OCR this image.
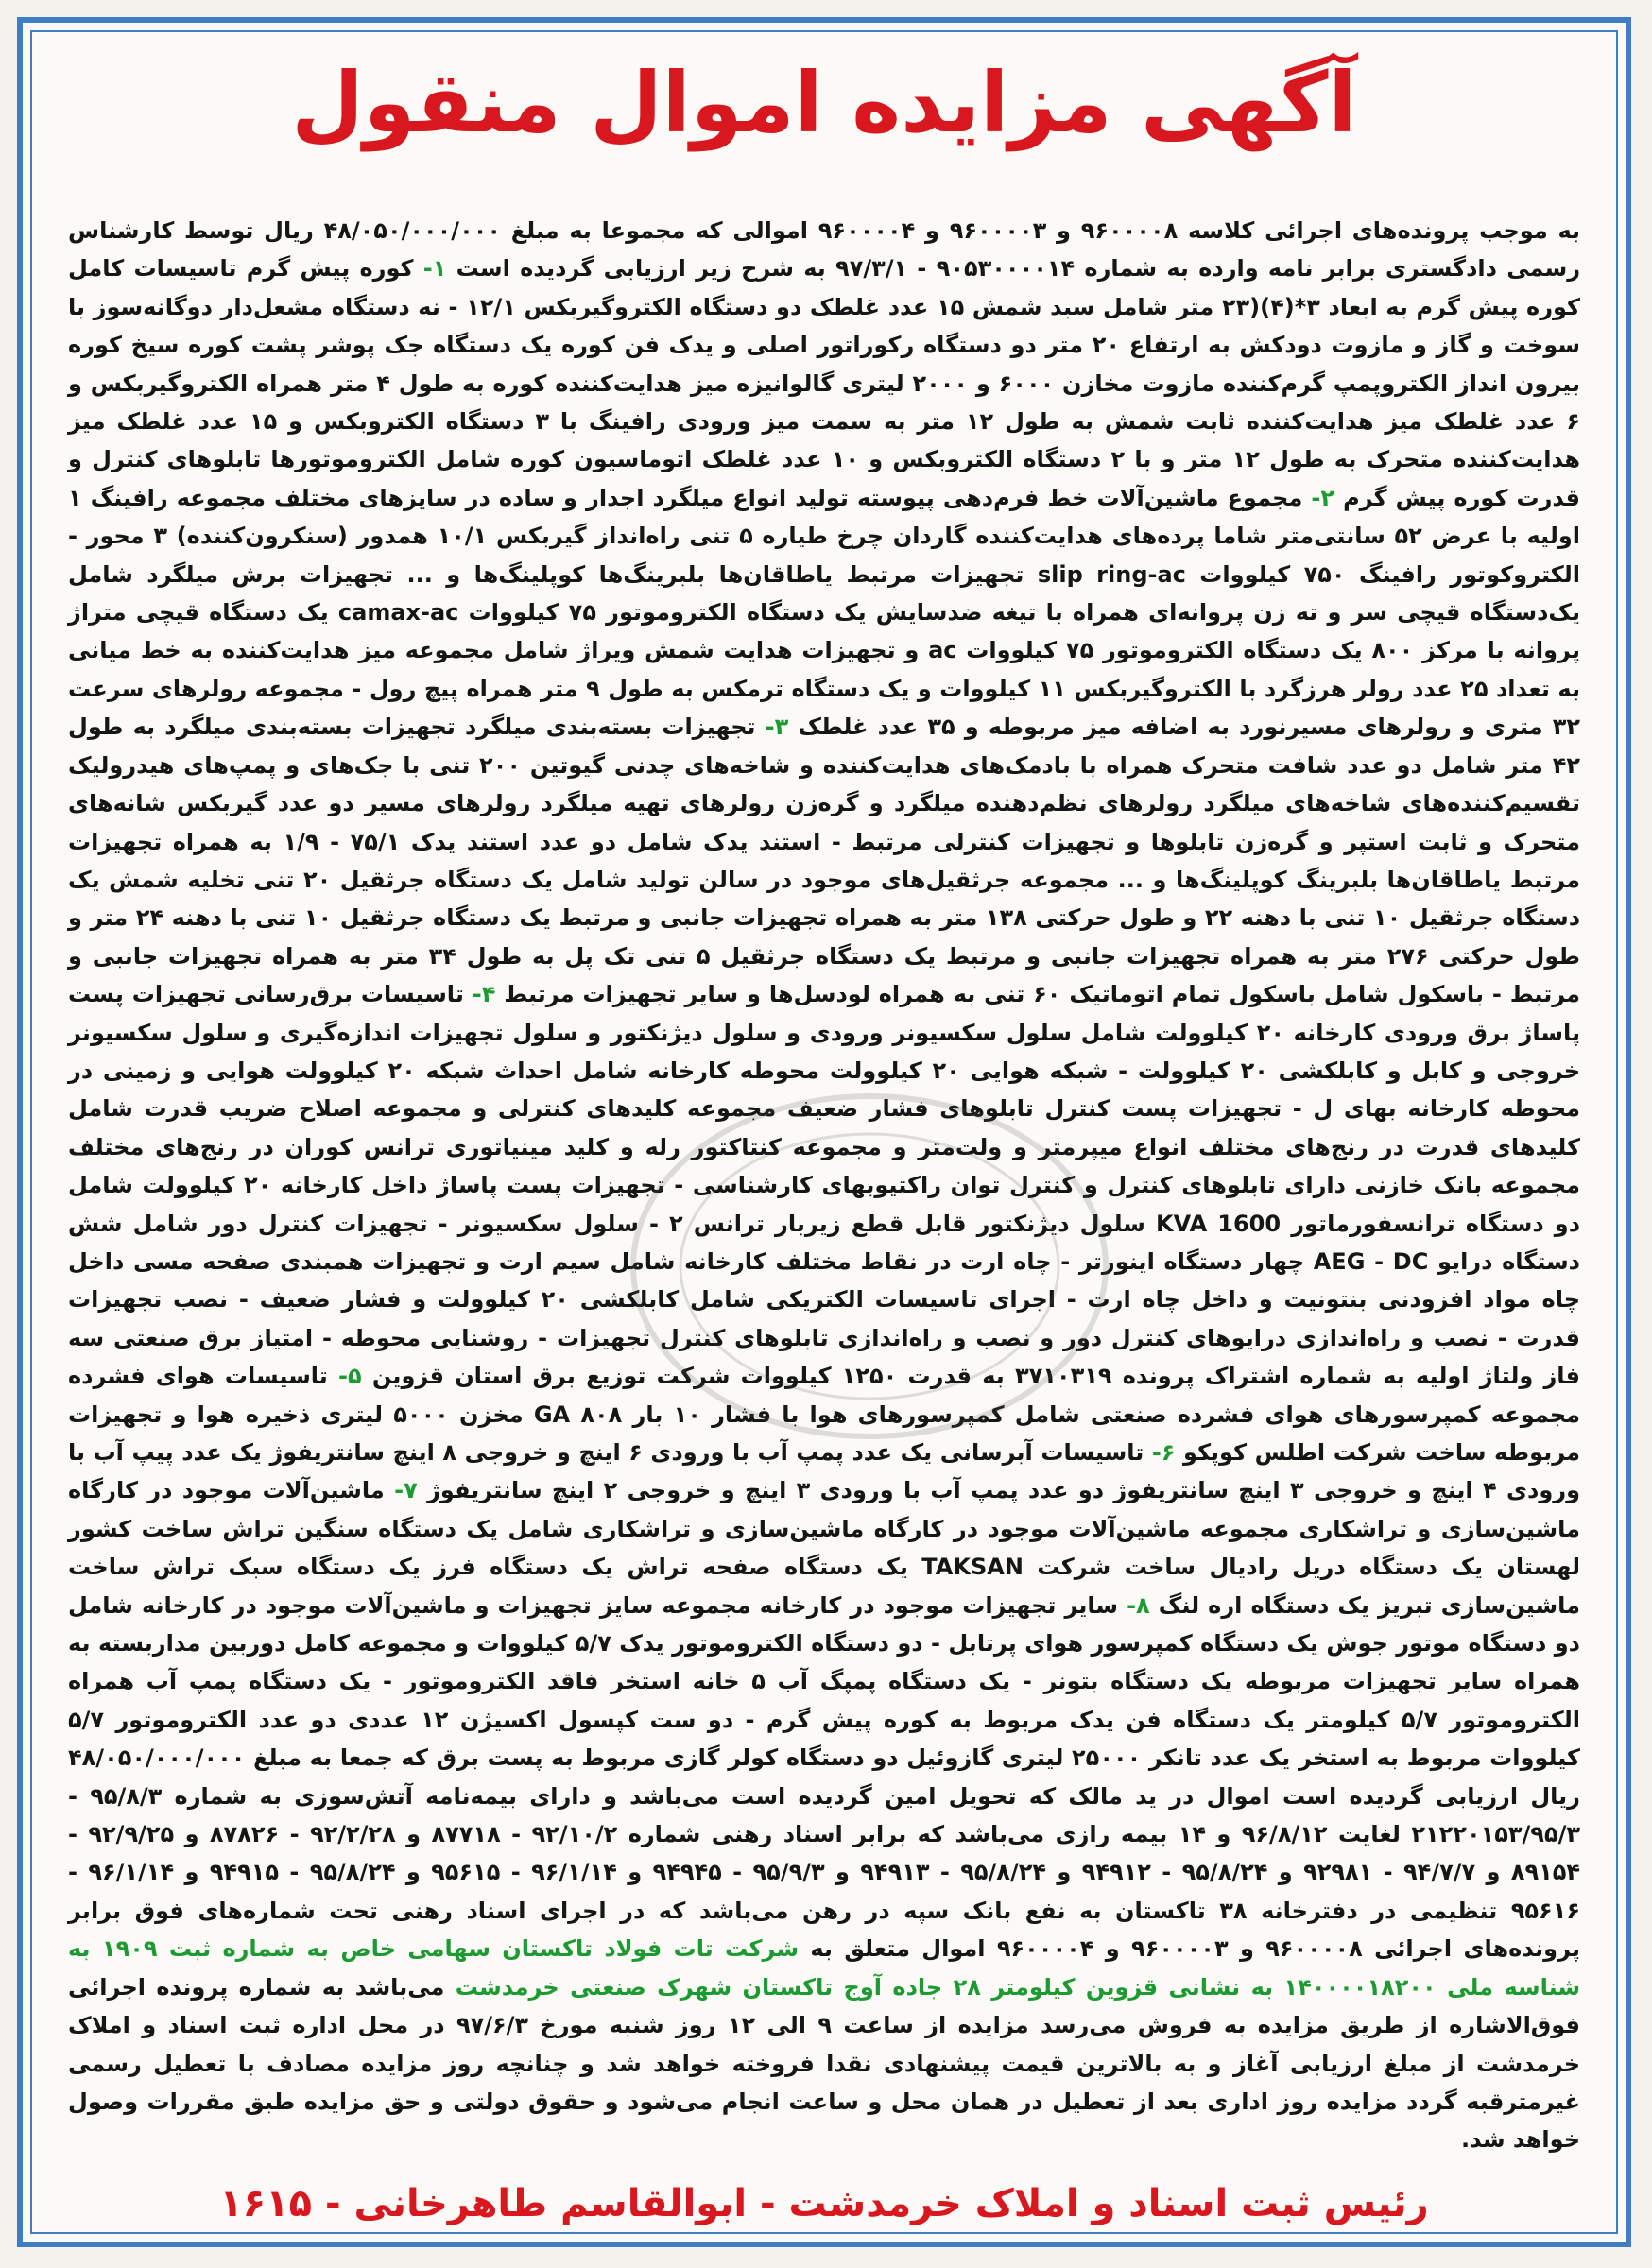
آگهی مزایده اموال منقول

به موجب پرونده‌های اجرائی کلاسه ۹۶۰۰۰۰۸ و ۹۶۰۰۰۰۳ و ۹۶۰۰۰۰۴ اموالی که مجموعا به مبلغ ۴۸/۰۵۰/۰۰۰/۰۰۰ ریال توسط کارشناس رسمی دادگستری برابر نامه وارده به شماره ۹۰۵۳۰۰۰۰۱۴ - ۹۷/۳/۱ به شرح زیر ارزیابی گردیده است ۱- کوره پیش گرم تاسیسات کامل کوره پیش گرم به ابعاد ۳*(۴)(۲۳ متر شامل سبد شمش ۱۵ عدد غلطک دو دستگاه الکتروگیربکس ۱۲/۱ - نه دستگاه مشعل‌دار دوگانه‌سوز با سوخت و گاز و مازوت دودکش به ارتفاع ۲۰ متر دو دستگاه رکوراتور اصلی و یدک فن کوره یک دستگاه جک پوشر پشت کوره سیخ کوره بیرون انداز الکتروپمپ گرم‌کننده مازوت مخازن ۶۰۰۰ و ۲۰۰۰ لیتری گالوانیزه میز هدایت‌کننده کوره به طول ۴ متر همراه الکتروگیربکس و ۶ عدد غلطک میز هدایت‌کننده ثابت شمش به طول ۱۲ متر به سمت میز ورودی رافینگ با ۳ دستگاه الکتروبکس و ۱۵ عدد غلطک میز هدایت‌کننده متحرک به طول ۱۲ متر و با ۲ دستگاه الکتروبکس و ۱۰ عدد غلطک اتوماسیون کوره شامل الکتروموتورها تابلوهای کنترل و قدرت کوره پیش گرم ۲- مجموع ماشین‌آلات خط فرم‌دهی پیوسته تولید انواع میلگرد اجدار و ساده در سایزهای مختلف مجموعه رافینگ ۱ اولیه با عرض ۵۲ سانتی‌متر شاما پرده‌های هدایت‌کننده گاردان چرخ طیاره ۵ تنی راه‌انداز گیربکس ۱۰/۱ همدور (سنکرون‌کننده) ۳ محور - الکتروکوتور رافینگ ۷۵۰ کیلووات slip ring-ac تجهیزات مرتبط یاطاقان‌ها بلبرینگ‌ها کوپلینگ‌ها و ... تجهیزات برش میلگرد شامل یک‌دستگاه قیچی سر و ته زن پروانه‌ای همراه با تیغه ضدسایش یک دستگاه الکتروموتور ۷۵ کیلووات camax-ac یک دستگاه قیچی متراژ پروانه با مرکز ۸۰۰ یک دستگاه الکتروموتور ۷۵ کیلووات ac و تجهیزات هدایت شمش ویراژ شامل مجموعه میز هدایت‌کننده به خط میانی به تعداد ۲۵ عدد رولر هرزگرد با الکتروگیربکس ۱۱ کیلووات و یک دستگاه ترمکس به طول ۹ متر همراه پیچ رول - مجموعه رولرهای سرعت ۳۲ متری و رولرهای مسیرنورد به اضافه میز مربوطه و ۳۵ عدد غلطک ۳- تجهیزات بسته‌بندی میلگرد تجهیزات بسته‌بندی میلگرد به طول ۴۲ متر شامل دو عدد شافت متحرک همراه با بادمک‌های هدایت‌کننده و شاخه‌های چدنی گیوتین ۲۰۰ تنی با جک‌های و پمپ‌های هیدرولیک تقسیم‌کننده‌های شاخه‌های میلگرد رولرهای نظم‌دهنده میلگرد و گره‌زن رولرهای تهیه میلگرد رولرهای مسیر دو عدد گیربکس شانه‌های متحرک و ثابت استپر و گره‌زن تابلوها و تجهیزات کنترلی مرتبط - استند یدک شامل دو عدد استند یدک ۷۵/۱ - ۱/۹ به همراه تجهیزات مرتبط یاطاقان‌ها بلبرینگ کوپلینگ‌ها و ... مجموعه جرثقیل‌های موجود در سالن تولید شامل یک دستگاه جرثقیل ۲۰ تنی تخلیه شمش یک دستگاه جرثقیل ۱۰ تنی با دهنه ۲۲ و طول حرکتی ۱۳۸ متر به همراه تجهیزات جانبی و مرتبط یک دستگاه جرثقیل ۱۰ تنی با دهنه ۲۴ متر و طول حرکتی ۲۷۶ متر به همراه تجهیزات جانبی و مرتبط یک دستگاه جرثقیل ۵ تنی تک پل به طول ۳۴ متر به همراه تجهیزات جانبی و مرتبط - باسکول شامل باسکول تمام اتوماتیک ۶۰ تنی به همراه لودسل‌ها و سایر تجهیزات مرتبط ۴- تاسیسات برق‌رسانی تجهیزات پست پاساژ برق ورودی کارخانه ۲۰ کیلوولت شامل سلول سکسیونر ورودی و سلول دیژنکتور و سلول تجهیزات اندازه‌گیری و سلول سکسیونر خروجی و کابل و کابلکشی ۲۰ کیلوولت - شبکه هوایی ۲۰ کیلوولت محوطه کارخانه شامل احداث شبکه ۲۰ کیلوولت هوایی و زمینی در محوطه کارخانه بهای ل - تجهیزات پست کنترل تابلوهای فشار ضعیف مجموعه کلیدهای کنترلی و مجموعه اصلاح ضریب قدرت شامل کلیدهای قدرت در رنج‌های مختلف انواع میپرمتر و ولت‌متر و مجموعه کنتاکتور رله و کلید مینیاتوری ترانس کوران در رنج‌های مختلف مجموعه بانک خازنی دارای تابلوهای کنترل و کنترل توان راکتیوبهای کارشناسی - تجهیزات پست پاساژ داخل کارخانه ۲۰ کیلوولت شامل دو دستگاه ترانسفورماتور KVA 1600 سلول دیژنکتور قابل قطع زیربار ترانس ۲ - سلول سکسیونر - تجهیزات کنترل دور شامل شش دستگاه درایو AEG - DC چهار دستگاه اینورتر - چاه ارت در نقاط مختلف کارخانه شامل سیم ارت و تجهیزات همبندی صفحه مسی داخل چاه مواد افزودنی بنتونیت و داخل چاه ارت - اجرای تاسیسات الکتریکی شامل کابلکشی ۲۰ کیلوولت و فشار ضعیف - نصب تجهیزات قدرت - نصب و راه‌اندازی درایوهای کنترل دور و نصب و راه‌اندازی تابلوهای کنترل تجهیزات - روشنایی محوطه - امتیاز برق صنعتی سه فاز ولتاژ اولیه به شماره اشتراک پرونده ۳۷۱۰۳۱۹ به قدرت ۱۲۵۰ کیلووات شرکت توزیع برق استان قزوین ۵- تاسیسات هوای فشرده مجموعه کمپرسورهای هوای فشرده صنعتی شامل کمپرسورهای هوا با فشار ۱۰ بار GA ۸۰۸ مخزن ۵۰۰۰ لیتری ذخیره هوا و تجهیزات مربوطه ساخت شرکت اطلس کوپکو ۶- تاسیسات آبرسانی یک عدد پمپ آب با ورودی ۶ اینچ و خروجی ۸ اینچ سانتریفوژ یک عدد پیپ آب با ورودی ۴ اینچ و خروجی ۳ اینچ سانتریفوژ دو عدد پمپ آب با ورودی ۳ اینچ و خروجی ۲ اینچ سانتریفوژ ۷- ماشین‌آلات موجود در کارگاه ماشین‌سازی و تراشکاری مجموعه ماشین‌آلات موجود در کارگاه ماشین‌سازی و تراشکاری شامل یک دستگاه سنگین تراش ساخت کشور لهستان یک دستگاه دریل رادیال ساخت شرکت TAKSAN یک دستگاه صفحه تراش یک دستگاه فرز یک دستگاه سبک تراش ساخت ماشین‌سازی تبریز یک دستگاه اره لنگ ۸- سایر تجهیزات موجود در کارخانه مجموعه سایز تجهیزات و ماشین‌آلات موجود در کارخانه شامل دو دستگاه موتور جوش یک دستگاه کمپرسور هوای پرتابل - دو دستگاه الکتروموتور یدک ۵/۷ کیلووات و مجموعه کامل دوربین مداربسته به همراه سایر تجهیزات مربوطه یک دستگاه بتونر - یک دستگاه پمپگ آب ۵ خانه استخر فاقد الکتروموتور - یک دستگاه پمپ آب همراه الکتروموتور ۵/۷ کیلومتر یک دستگاه فن یدک مربوط به کوره پیش گرم - دو ست کپسول اکسیژن ۱۲ عددی دو عدد الکتروموتور ۵/۷ کیلووات مربوط به استخر یک عدد تانکر ۲۵۰۰۰ لیتری گازوئیل دو دستگاه کولر گازی مربوط به پست برق که جمعا به مبلغ ۴۸/۰۵۰/۰۰۰/۰۰۰ ریال ارزیابی گردیده است اموال در ید مالک که تحویل امین گردیده است می‌باشد و دارای بیمه‌نامه آتش‌سوزی به شماره ۹۵/۸/۳ - ۲۱۲۲۰۱۵۳/۹۵/۳ لغایت ۹۶/۸/۱۲ و ۱۴ بیمه رازی می‌باشد که برابر اسناد رهنی شماره ۹۲/۱۰/۲ - ۸۷۷۱۸ و ۹۲/۲/۲۸ - ۸۷۸۲۶ و ۹۲/۹/۲۵ - ۸۹۱۵۴ و ۹۴/۷/۷ - ۹۲۹۸۱ و ۹۵/۸/۲۴ - ۹۴۹۱۲ و ۹۵/۸/۲۴ - ۹۴۹۱۳ و ۹۵/۹/۳ - ۹۴۹۴۵ و ۹۶/۱/۱۴ - ۹۵۶۱۵ و ۹۵/۸/۲۴ - ۹۴۹۱۵ و ۹۶/۱/۱۴ - ۹۵۶۱۶ تنظیمی در دفترخانه ۳۸ تاکستان به نفع بانک سپه در رهن می‌باشد که در اجرای اسناد رهنی تحت شماره‌های فوق برابر پرونده‌های اجرائی ۹۶۰۰۰۰۸ و ۹۶۰۰۰۰۳ و ۹۶۰۰۰۰۴ اموال متعلق به شرکت تات فولاد تاکستان سهامی خاص به شماره ثبت ۱۹۰۹ به شناسه ملی ۱۴۰۰۰۰۱۸۲۰۰ به نشانی قزوین کیلومتر ۲۸ جاده آوج تاکستان شهرک صنعتی خرمدشت می‌باشد به شماره پرونده اجرائی فوق‌الاشاره از طریق مزایده به فروش می‌رسد مزایده از ساعت ۹ الی ۱۲ روز شنبه مورخ ۹۷/۶/۳ در محل اداره ثبت اسناد و املاک خرمدشت از مبلغ ارزیابی آغاز و به بالاترین قیمت پیشنهادی نقدا فروخته خواهد شد و چنانچه روز مزایده مصادف با تعطیل رسمی غیرمترقبه گردد مزایده روز اداری بعد از تعطیل در همان محل و ساعت انجام می‌شود و حقوق دولتی و حق مزایده طبق مقررات وصول خواهد شد.

رئیس ثبت اسناد و املاک خرمدشت - ابوالقاسم طاهرخانی - ۱۶۱۵
